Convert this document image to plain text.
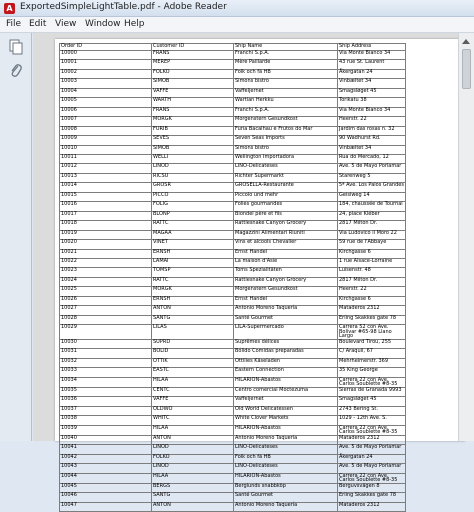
A ExportedSimpleLightTable.pdf - Adobe Reader
File Edit View Window Help
Order ID	Customer ID	Ship Name	Ship Address
10000	FRANS	Franchi S.p.A.	Via Monte Bianco 34
10001	MEREP	Mère Paillarde	43 rue St. Laurent
10002	FOLKO	Folk och fä HB	Åkergatan 24
10003	SIMOB	Simons bistro	Vinbæltet 34
10004	VAFFE	Vaffeljernet	Smagsløget 45
10005	WARTH	Wartian Herkku	Torikatu 38
10006	FRANS	Franchi S.p.A.	Via Monte Bianco 34
10007	MORGK	Morgenstern Gesundkost	Heerstr. 22
10008	FURIB	Furia Bacalhau e Frutos do Mar	Jardim das rosas n. 32
10009	SEVES	Seven Seas Imports	90 Wadhurst Rd.
10010	SIMOB	Simons bistro	Vinbæltet 34
10011	WELLI	Wellington Importadora	Rua do Mercado, 12
10012	LINOD	LINO-Delicateses	Ave. 5 de Mayo Porlamar
10013	RICSU	Richter Supermarkt	Starenweg 5
10014	GROSR	GROSELLA-Restaurante	5ª Ave. Los Palos Grandes
10015	PICCO	Piccolo und mehr	Geislweg 14
10016	FOLIG	Folies gourmandes	184, chaussée de Tournai
10017	BLONP	Blondel père et fils	24, place Kléber
10018	RATTC	Rattlesnake Canyon Grocery	2817 Milton Dr.
10019	MAGAA	Magazzini Alimentari Riuniti	Via Ludovico il Moro 22
10020	VINET	Vins et alcools Chevalier	59 rue de l'Abbaye
10021	ERNSH	Ernst Handel	Kirchgasse 6
10022	LAMAI	La maison d'Asie	1 rue Alsace-Lorraine
10023	TOMSP	Toms Spezialitäten	Luisenstr. 48
10024	RATTC	Rattlesnake Canyon Grocery	2817 Milton Dr.
10025	MORGK	Morgenstern Gesundkost	Heerstr. 22
10026	ERNSH	Ernst Handel	Kirchgasse 6
10027	ANTON	Antonio Moreno Taquería	Mataderos 2312
10028	SANTG	Santé Gourmet	Erling Skakkes gate 78
10029	LILAS	LILA-Supermercado	Carrera 52 con Ave. Bolívar #65-98 Llano Largo
10030	SUPRD	Suprêmes délices	Boulevard Tirou, 255
10031	BOLID	Bólido Comidas preparadas	C/ Araquil, 67
10032	OTTIK	Ottilies Käseladen	Mehrheimerstr. 369
10033	EASTC	Eastern Connection	35 King George
10034	HILAA	HILARION-Abastos	Carrera 22 con Ave. Carlos Soublette #8-35
10035	CENTC	Centro comercial Moctezuma	Sierras de Granada 9993
10036	VAFFE	Vaffeljernet	Smagsløget 45
10037	OLDWO	Old World Delicatessen	2743 Bering St.
10038	WHITC	White Clover Markets	1029 - 12th Ave. S.
10039	HILAA	HILARION-Abastos	Carrera 22 con Ave. Carlos Soublette #8-35
10040	ANTON	Antonio Moreno Taquería	Mataderos 2312
10041	LINOD	LINO-Delicateses	Ave. 5 de Mayo Porlamar
10042	FOLKO	Folk och fä HB	Åkergatan 24
10043	LINOD	LINO-Delicateses	Ave. 5 de Mayo Porlamar
10044	HILAA	HILARION-Abastos	Carrera 22 con Ave. Carlos Soublette #8-35
10045	BERGS	Berglunds snabbköp	Berguvsvägen 8
10046	SANTG	Santé Gourmet	Erling Skakkes gate 78
10047	ANTON	Antonio Moreno Taquería	Mataderos 2312
